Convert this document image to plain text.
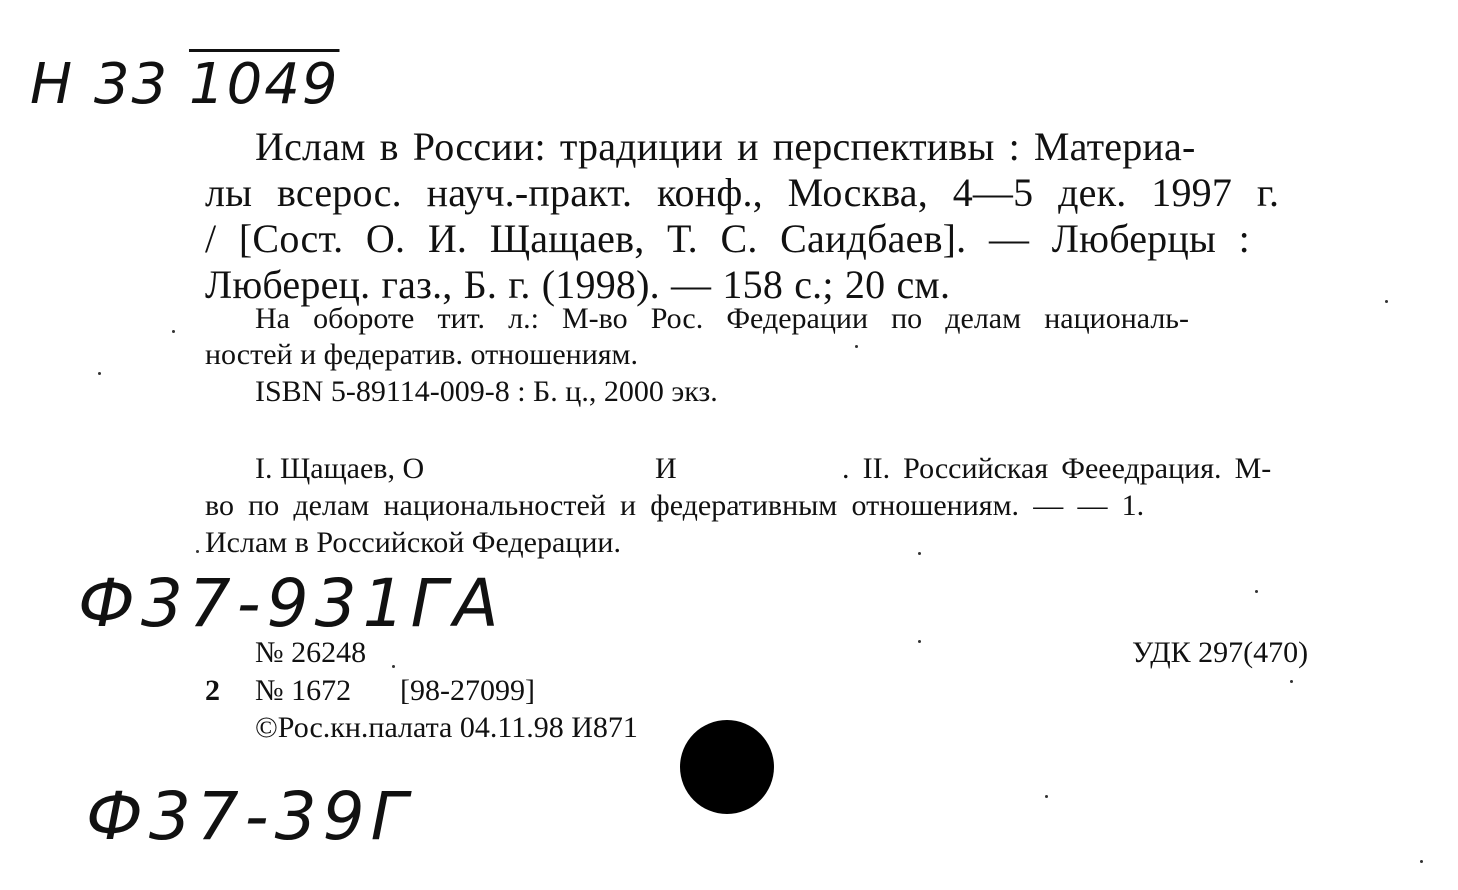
Н 33 1049
Ф37-931ГА
Ф37-39Г
Ислам в России: традиции и перспективы : Материа-
лы всерос. науч.-практ. конф., Москва, 4—5 дек. 1997 г.
/ [Сост. О. И. Щащаев, Т. С. Саидбаев]. — Люберцы :
Люберец. газ., Б. г. (1998). — 158 с.; 20 см.
На обороте тит. л.: М-во Рос. Федерации по делам националь-
ностей и федератив. отношениям.
ISBN 5-89114-009-8 : Б. ц., 2000 экз.
I. Щащаев, О	И	. II. Российская Фееедрация. М-
во по делам национальностей и федеративным отношениям. — — 1.
Ислам в Российской Федерации.
№ 26248
2 № 1672 [98-27099]
©Рос.кн.палата 04.11.98 И871
УДК 297(470)
